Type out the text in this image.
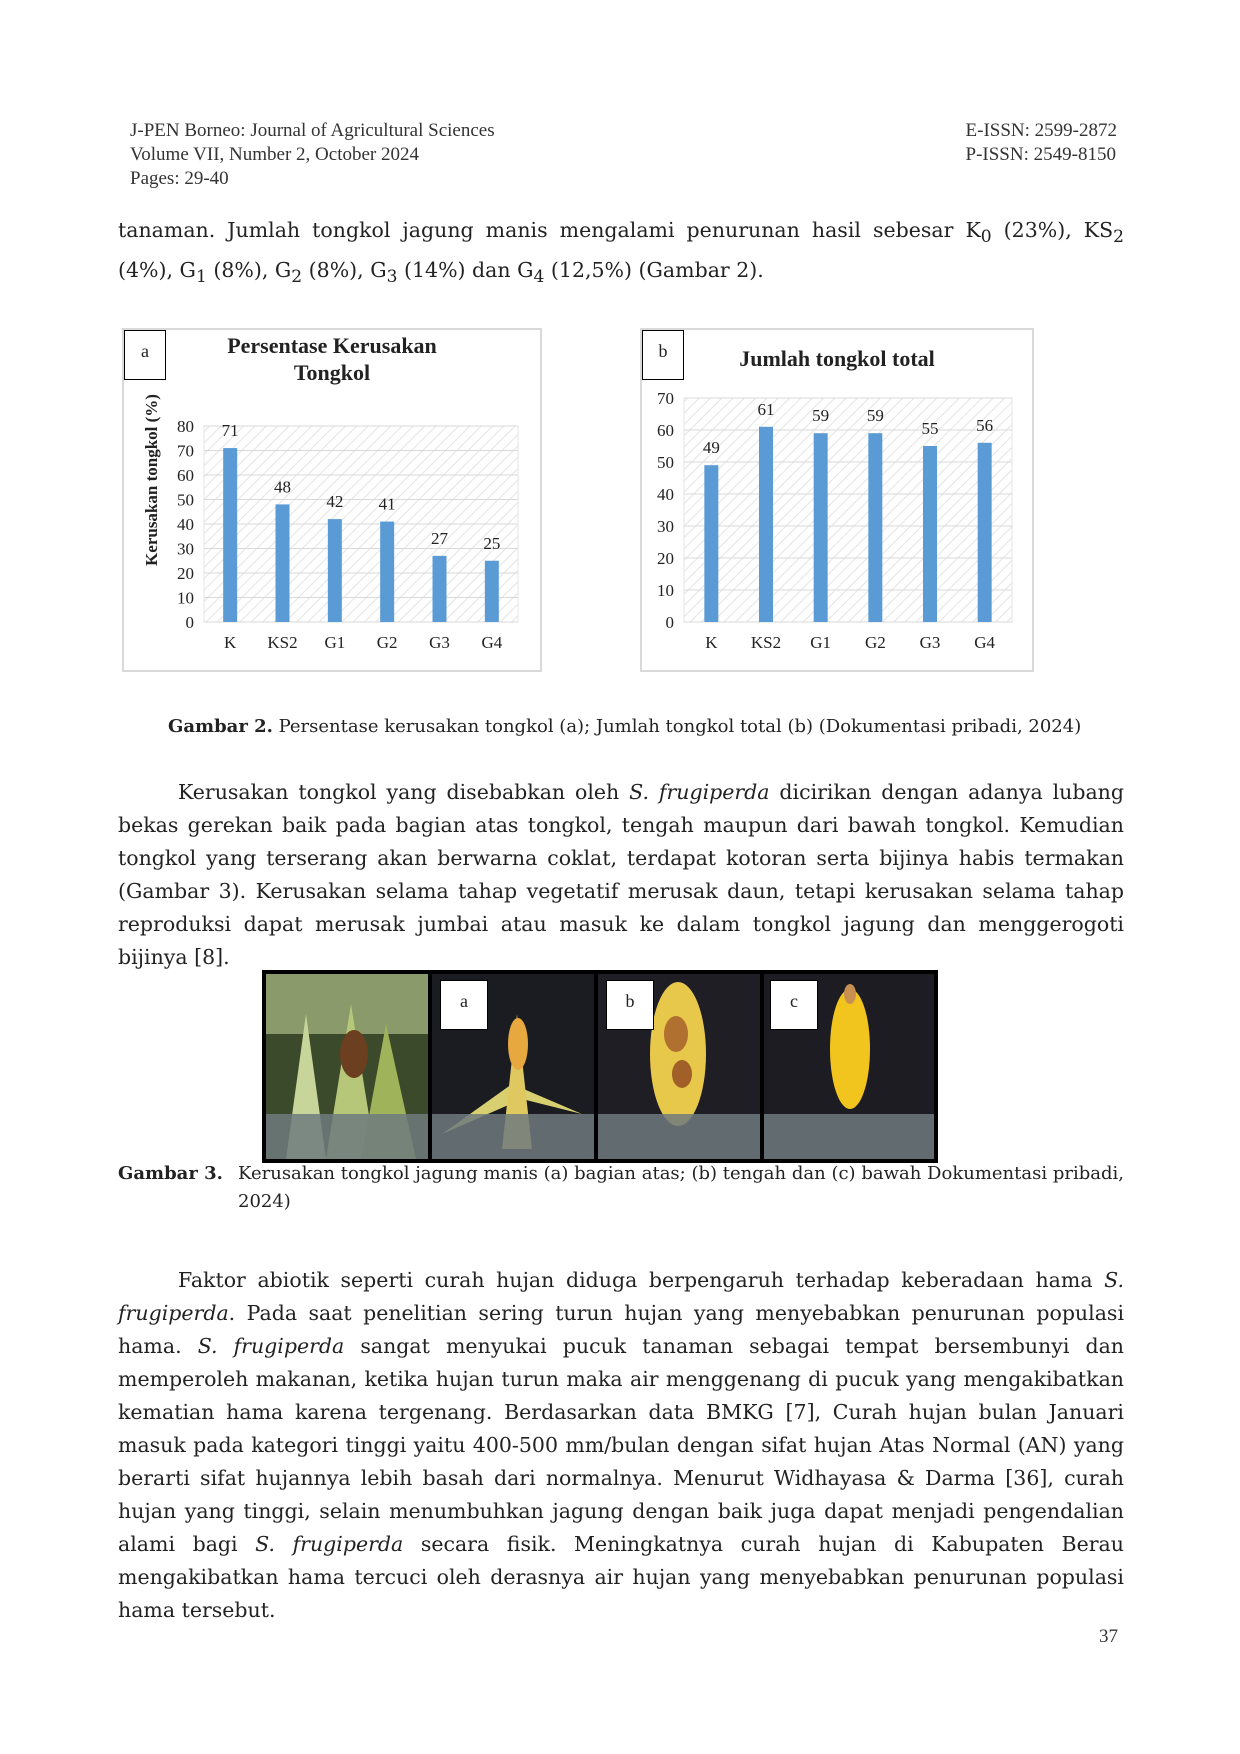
J-PEN Borneo: Journal of Agricultural Sciences
Volume VII, Number 2, October 2024
Pages: 29-40
E-ISSN: 2599-2872
P-ISSN: 2549-8150
tanaman. Jumlah tongkol jagung manis mengalami penurunan hasil sebesar $K_0$ (23%), $KS_2$ (4%), $G_1$ (8%), $G_2$ (8%), $G_3$ (14%) dan $G_4$ (12,5%) (Gambar 2).
Persentase Kerusakan
Tongkol
Kerusakan tongkol (%)
0
10
20
30
40
50
60
70
80 71
K
48
KS2
42
G1
41
G2
27
G3
25
G4
a	Jumlah tongkol total
0
10
20
30
40
50
60
70
49
K
61
KS2
59
G1
59
G2
55
G3
56
G4
b
Gambar 2. Persentase kerusakan tongkol (a); Jumlah tongkol total (b) (Dokumentasi pribadi, 2024)
Kerusakan tongkol yang disebabkan oleh S. frugiperda dicirikan dengan adanya lubang bekas gerekan baik pada bagian atas tongkol, tengah maupun dari bawah tongkol. Kemudian tongkol yang terserang akan berwarna coklat, terdapat kotoran serta bijinya habis termakan (Gambar 3). Kerusakan selama tahap vegetatif merusak daun, tetapi kerusakan selama tahap reproduksi dapat merusak jumbai atau masuk ke dalam tongkol jagung dan menggerogoti bijinya [8].
a	b	c
Gambar 3. Kerusakan tongkol jagung manis (a) bagian atas; (b) tengah dan (c) bawah Dokumentasi pribadi, 2024)
Faktor abiotik seperti curah hujan diduga berpengaruh terhadap keberadaan hama S. frugiperda. Pada saat penelitian sering turun hujan yang menyebabkan penurunan populasi hama. S. frugiperda sangat menyukai pucuk tanaman sebagai tempat bersembunyi dan memperoleh makanan, ketika hujan turun maka air menggenang di pucuk yang mengakibatkan kematian hama karena tergenang. Berdasarkan data BMKG [7], Curah hujan bulan Januari masuk pada kategori tinggi yaitu 400-500 mm/bulan dengan sifat hujan Atas Normal (AN) yang berarti sifat hujannya lebih basah dari normalnya. Menurut Widhayasa & Darma [36], curah hujan yang tinggi, selain menumbuhkan jagung dengan baik juga dapat menjadi pengendalian alami bagi S. frugiperda secara fisik. Meningkatnya curah hujan di Kabupaten Berau mengakibatkan hama tercuci oleh derasnya air hujan yang menyebabkan penurunan populasi hama tersebut.
37
